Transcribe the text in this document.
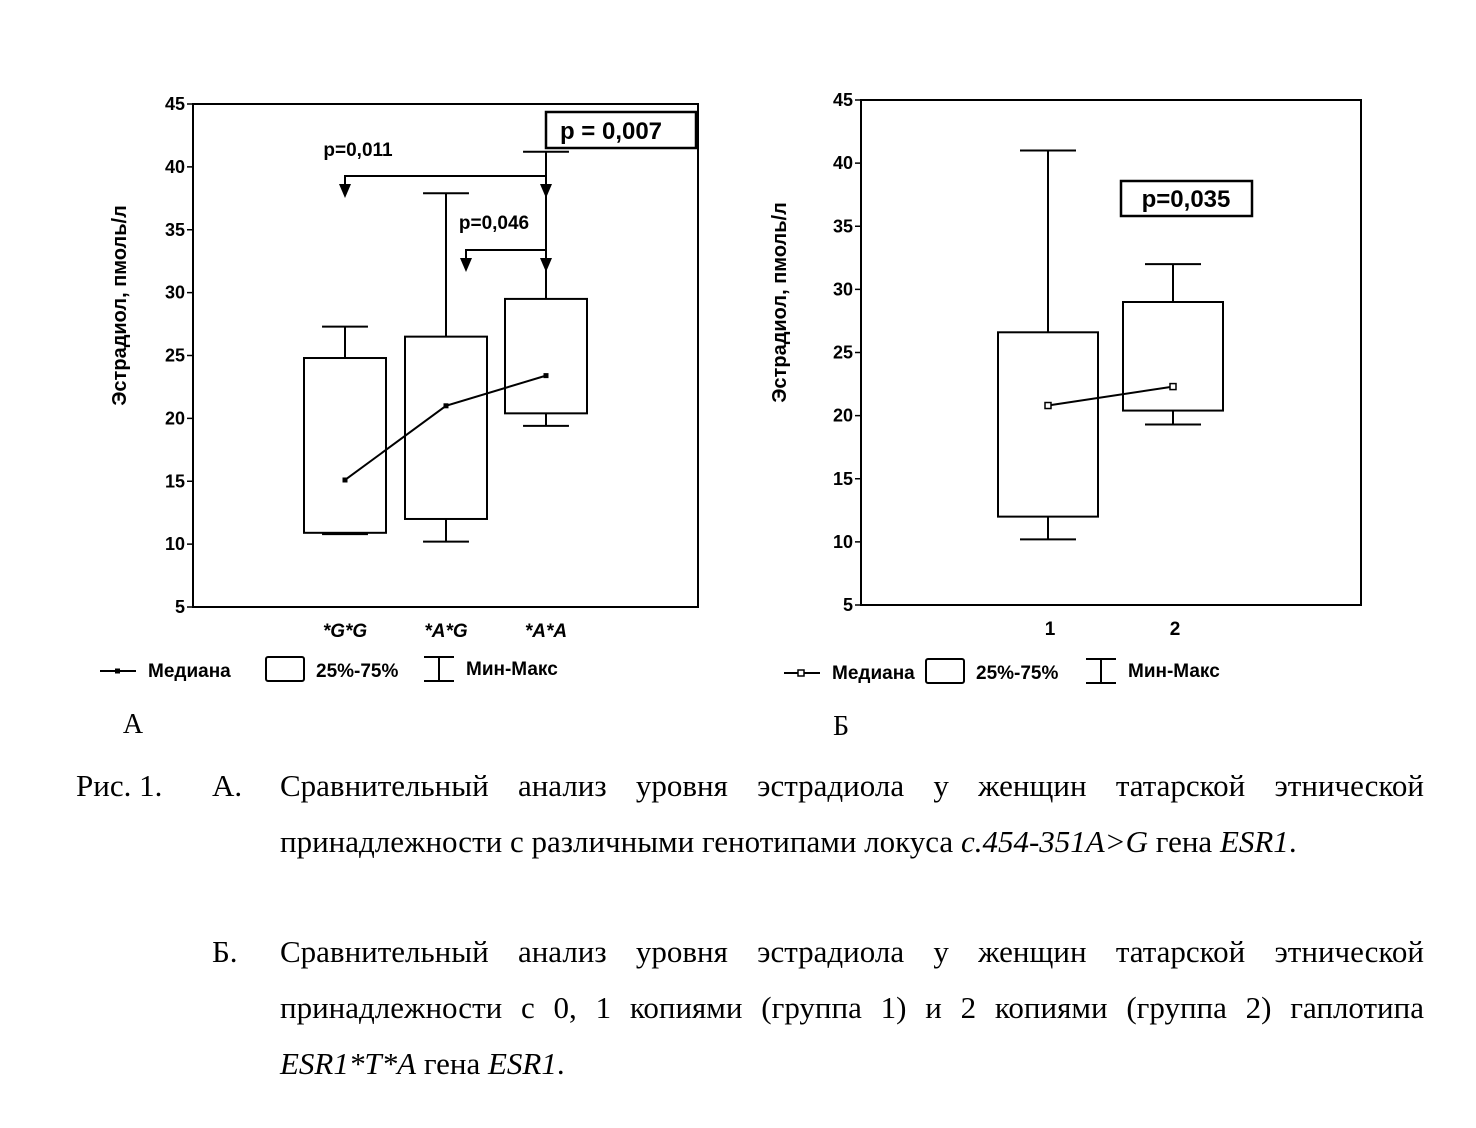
5
10
15
20
25
30
35
40
45
Эстрадиол, пмоль/л
*G*G	*A*G	*A*A
Медиана	25%-75%	Мин-Макс
А
p=0,011
p=0,046
p = 0,007
5
10
15
20
25
30
35
40
45
Эстрадиол, пмоль/л
1	2
Медиана	25%-75%	Мин-Макс
Б
p=0,035
Рис. 1. А. Сравнительный анализ уровня эстрадиола у женщин татарской этнической принадлежности с различными генотипами локуса c.454-351A>G гена ESR1.
Б. Сравнительный анализ уровня эстрадиола у женщин татарской этнической принадлежности с 0, 1 копиями (группа 1) и 2 копиями (группа 2) гаплотипа ESR1*T*A гена ESR1.
